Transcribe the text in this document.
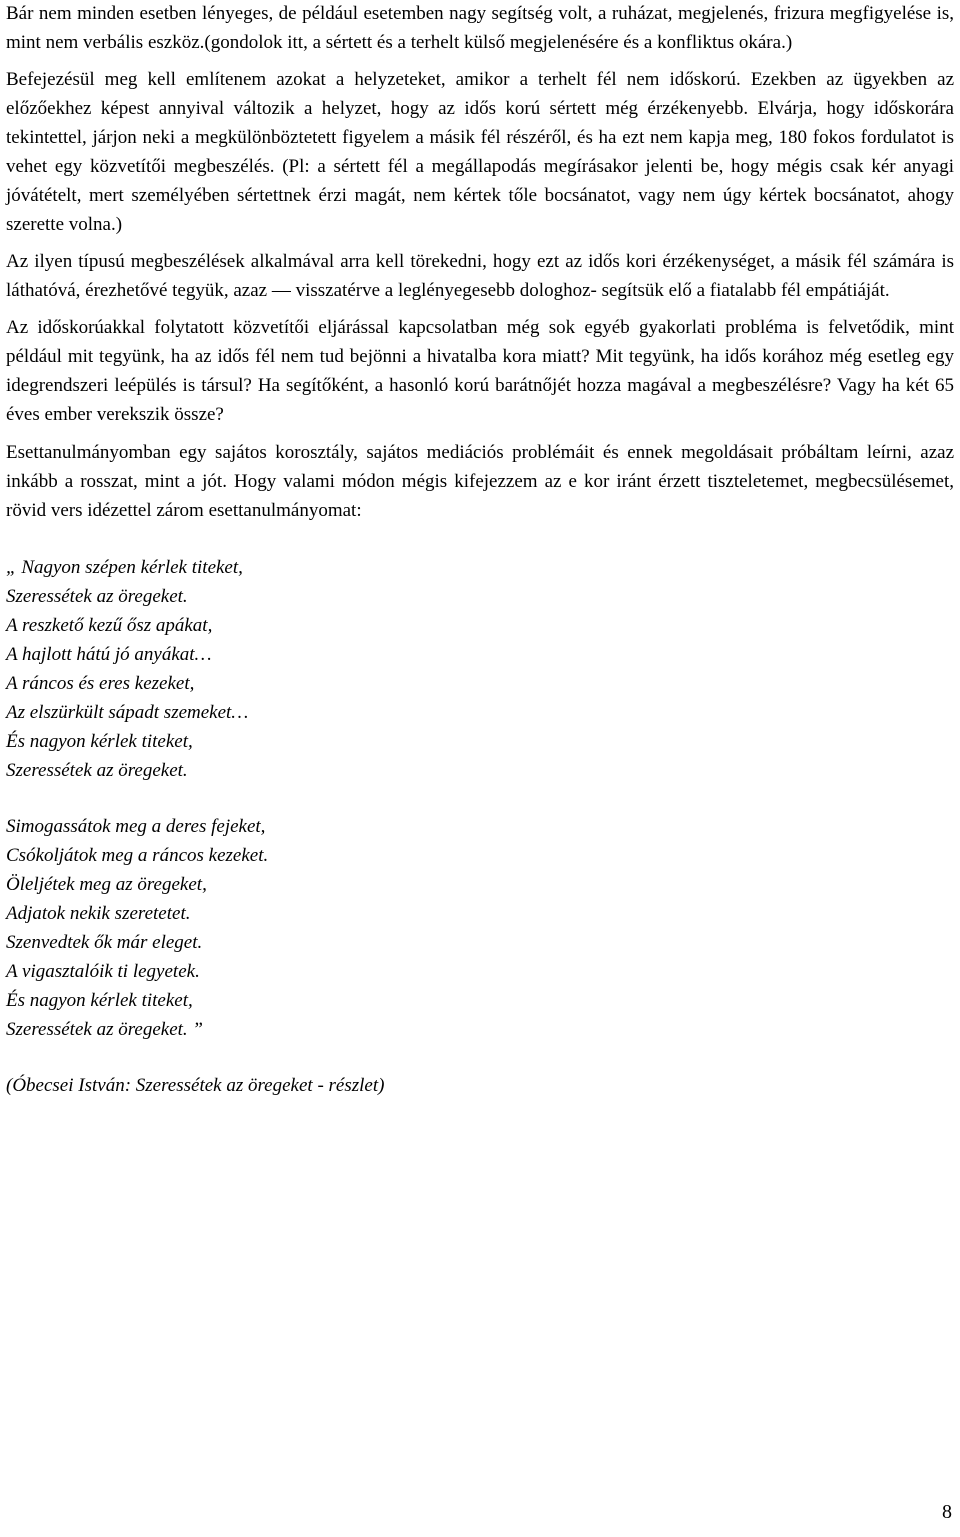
Bár nem minden esetben lényeges, de például esetemben nagy segítség volt, a ruházat, megjelenés, frizura megfigyelése is, mint nem verbális eszköz.(gondolok itt, a sértett és a terhelt külső megjelenésére és a konfliktus okára.)

Befejezésül meg kell említenem azokat a helyzeteket, amikor a terhelt fél nem időskorú. Ezekben az ügyekben az előzőekhez képest annyival változik a helyzet, hogy az idős korú sértett még érzékenyebb. Elvárja, hogy időskorára tekintettel, járjon neki a megkülönböztetett figyelem a másik fél részéről, és ha ezt nem kapja meg, 180 fokos fordulatot is vehet egy közvetítői megbeszélés. (Pl: a sértett fél a megállapodás megírásakor jelenti be, hogy mégis csak kér anyagi jóvátételt, mert személyében sértettnek érzi magát, nem kértek tőle bocsánatot, vagy nem úgy kértek bocsánatot, ahogy szerette volna.)

Az ilyen típusú megbeszélések alkalmával arra kell törekedni, hogy ezt az idős kori érzékenységet, a másik fél számára is láthatóvá, érezhetővé tegyük, azaz — visszatérve a leglényegesebb dologhoz- segítsük elő a fiatalabb fél empátiáját.

Az időskorúakkal folytatott közvetítői eljárással kapcsolatban még sok egyéb gyakorlati probléma is felvetődik, mint például mit tegyünk, ha az idős fél nem tud bejönni a hivatalba kora miatt? Mit tegyünk, ha idős korához még esetleg egy idegrendszeri leépülés is társul? Ha segítőként, a hasonló korú barátnőjét hozza magával a megbeszélésre? Vagy ha két 65 éves ember verekszik össze?

Esettanulmányomban egy sajátos korosztály, sajátos mediációs problémáit és ennek megoldásait próbáltam leírni, azaz inkább a rosszat, mint a jót. Hogy valami módon mégis kifejezzem az e kor iránt érzett tiszteletemet, megbecsülésemet, rövid vers idézettel zárom esettanulmányomat:

„ Nagyon szépen kérlek titeket,
Szeressétek az öregeket.
A reszkető kezű ősz apákat,
A hajlott hátú jó anyákat…
A ráncos és eres kezeket,
Az elszürkült sápadt szemeket…
És nagyon kérlek titeket,
Szeressétek az öregeket.
Simogassátok meg a deres fejeket,
Csókoljátok meg a ráncos kezeket.
Öleljétek meg az öregeket,
Adjatok nekik szeretetet.
Szenvedtek ők már eleget.
A vigasztalóik ti legyetek.
És nagyon kérlek titeket,
Szeressétek az öregeket. ”
(Óbecsei István: Szeressétek az öregeket - részlet)
8
